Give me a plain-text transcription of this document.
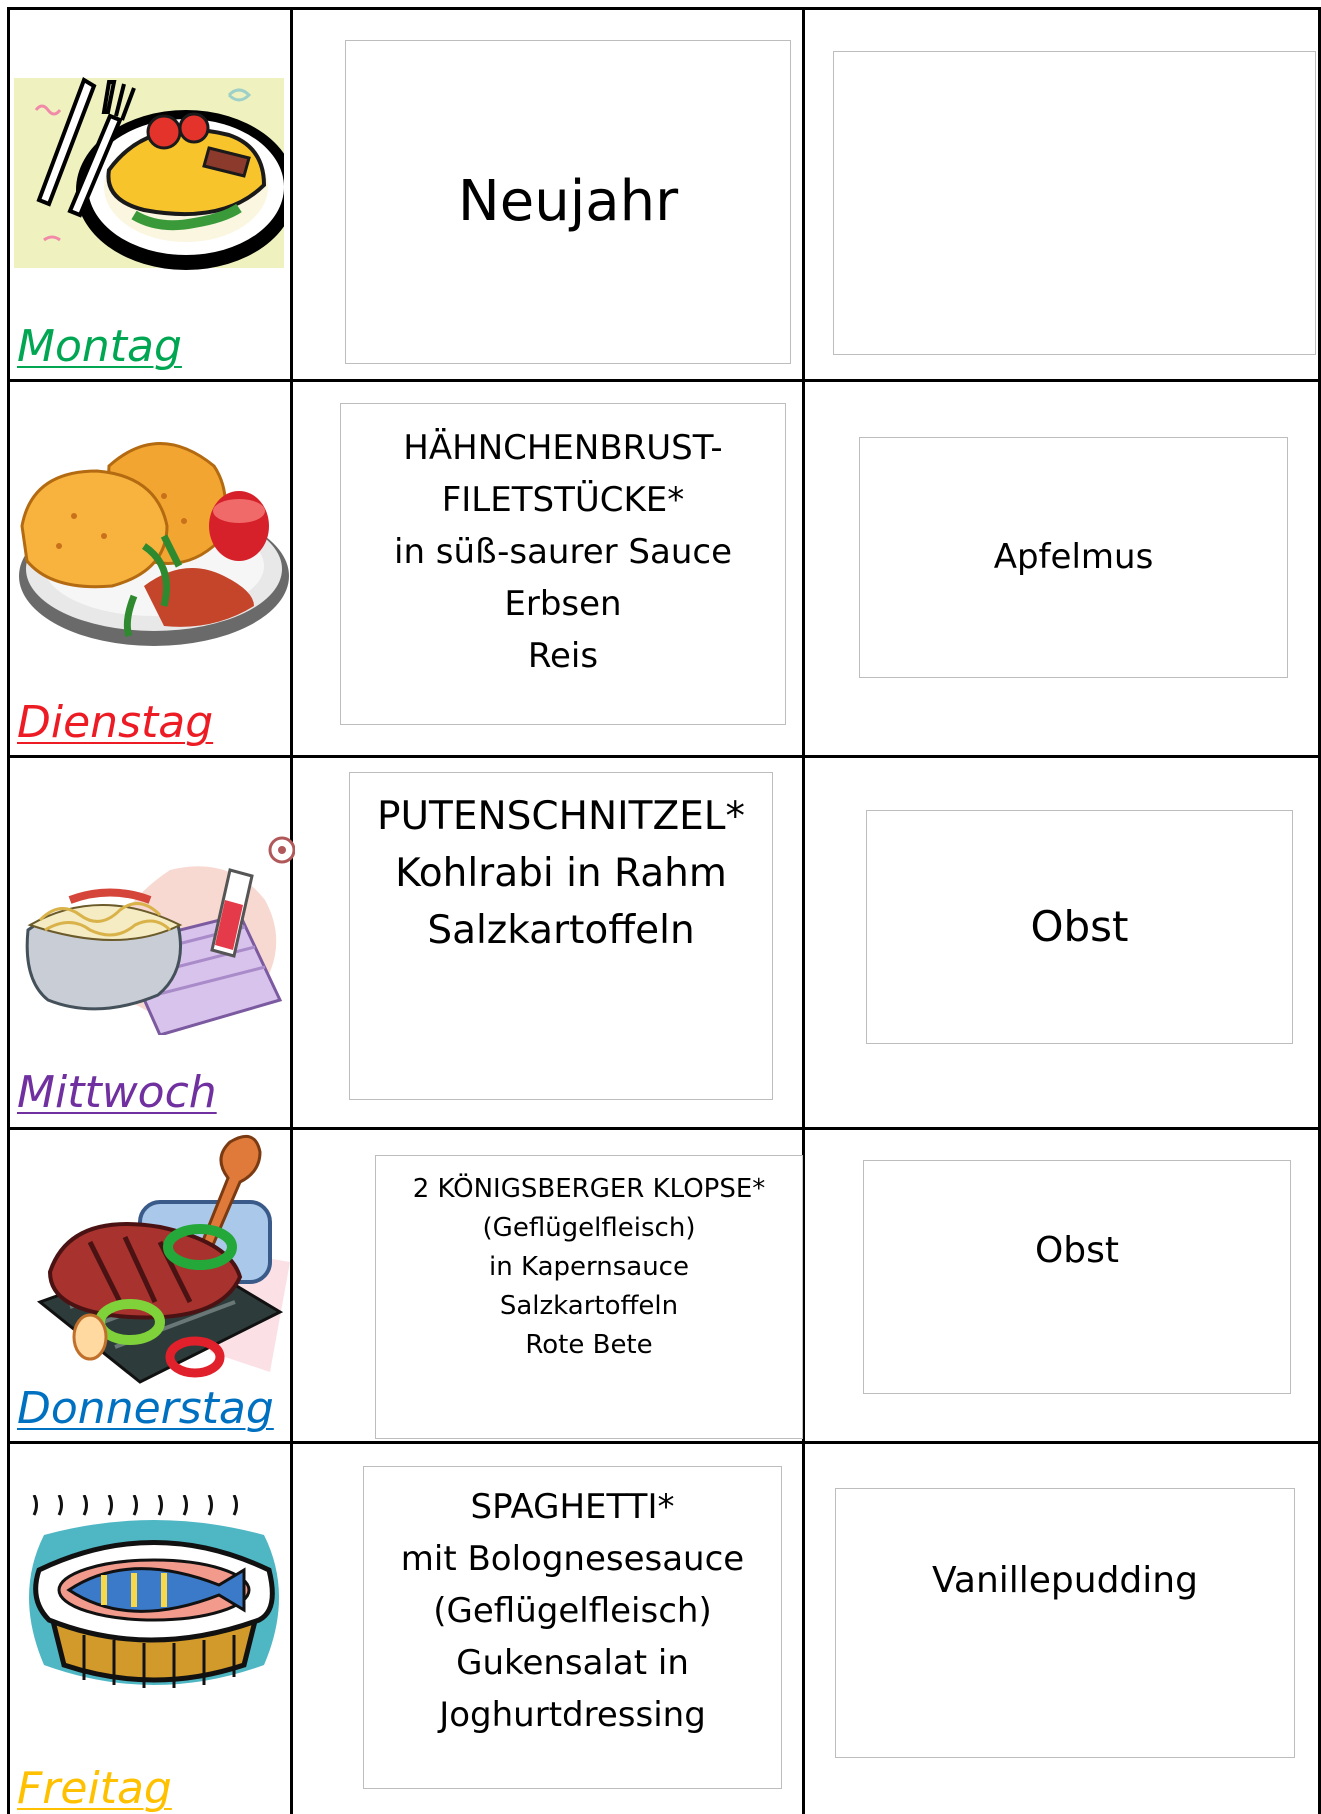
Montag
Neujahr
Dienstag
HÄHNCHENBRUST-
FILETSTÜCKE*
in süß-saurer Sauce
Erbsen
Reis
Apfelmus
Mittwoch
PUTENSCHNITZEL*
Kohlrabi in Rahm
Salzkartoffeln	Obst
Donnerstag
2 KÖNIGSBERGER KLOPSE*
(Geflügelfleisch)
in Kapernsauce
Salzkartoffeln
Rote Bete
Obst
Freitag
SPAGHETTI*
mit Bolognesesauce
(Geflügelfleisch)
Gukensalat in
Joghurtdressing
Vanillepudding
